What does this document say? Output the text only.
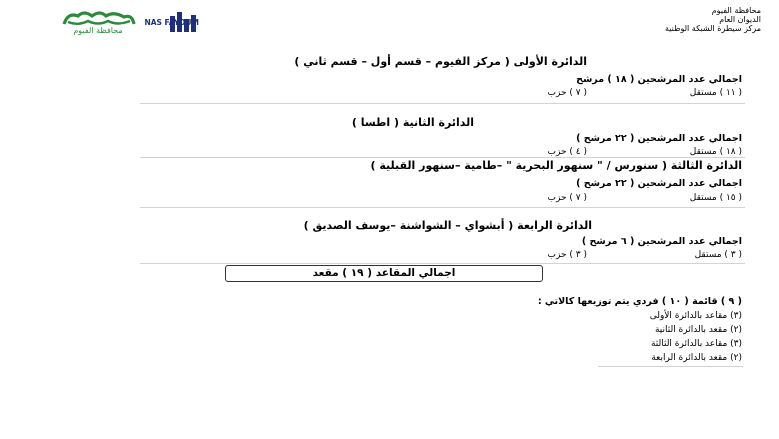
محافظة الفيوم
الديوان العام
مركز سيطرة الشبكة الوطنية
محافظة الفيوم
NAS FAYOUM
الدائرة الأولى ( مركز الفيوم – قسم أول – قسم ثاني )
اجمالي عدد المرشحين ( ١٨ ) مرشح
( ١١ ) مستقل
( ٧ ) حزب
الدائرة الثانية ( اطسا )
اجمالي عدد المرشحين ( ٢٢ مرشح )
( ١٨ ) مستقل
( ٤ ) حزب
الدائرة الثالثة ( سنورس / " سنهور البحرية " –طامية –سنهور القبلية )
اجمالي عدد المرشحين ( ٢٢ مرشح )
( ١٥ ) مستقل
( ٧ ) حزب
الدائرة الرابعة ( أبشواي – الشواشنة –يوسف الصديق )
اجمالي عدد المرشحين ( ٦ مرشح )
( ٣ ) مستقل
( ٣ ) حزب
اجمالي المقاعد ( ١٩ ) مقعد
( ٩ ) قائمة ( ١٠ ) فردي يتم توزيعها كالاتي :
(٣) مقاعد بالدائرة الأولى
(٢) مقعد بالدائرة الثانية
(٣) مقاعد بالدائرة الثالثة
(٢) مقعد بالدائرة الرابعة
